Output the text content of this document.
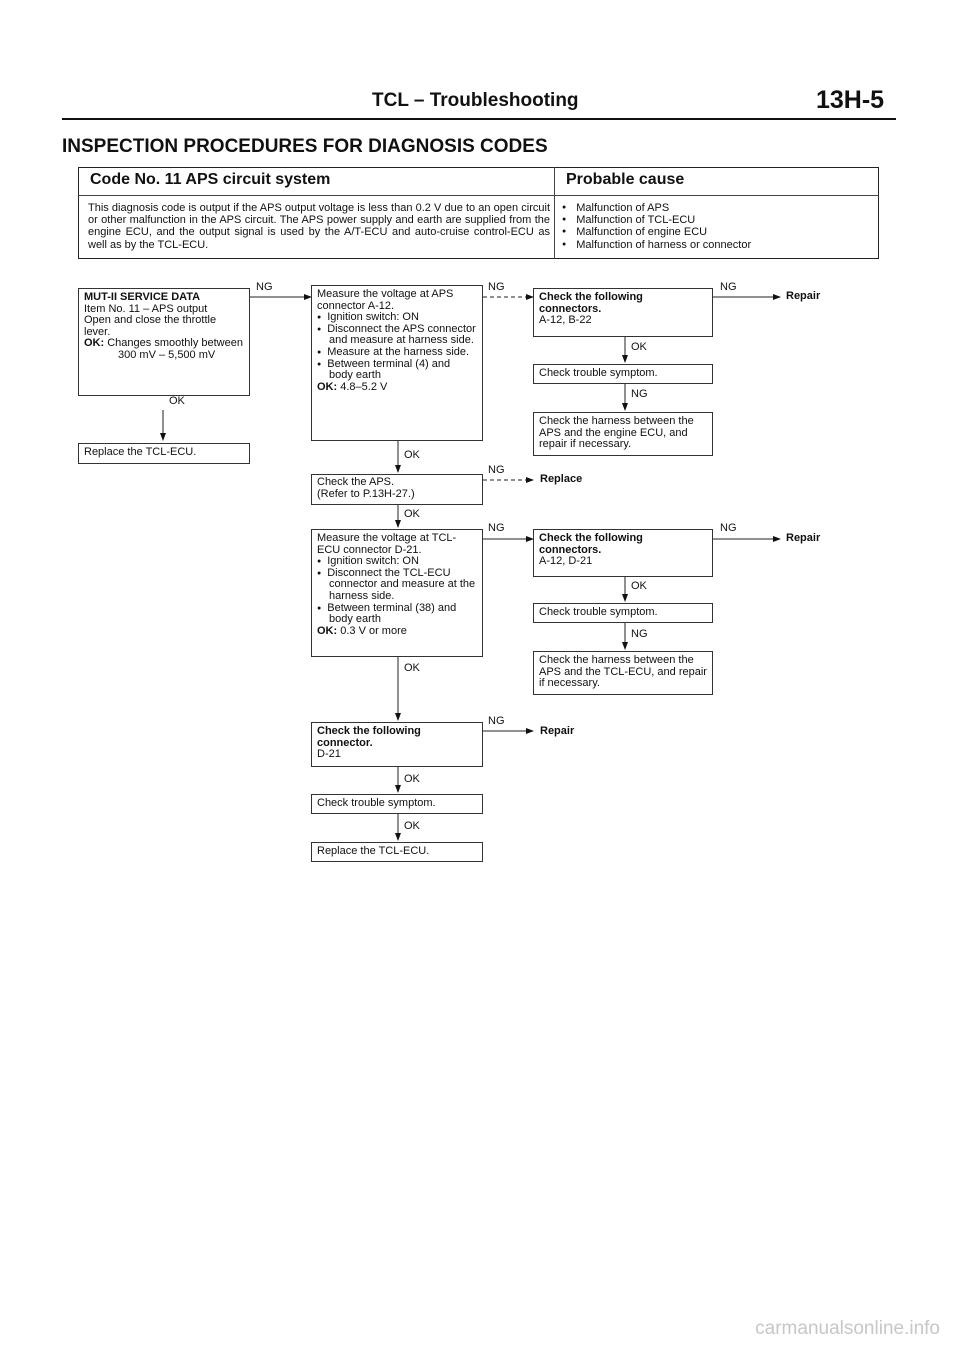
TCL – Troubleshooting	13H-5
INSPECTION PROCEDURES FOR DIAGNOSIS CODES
Code No. 11 APS circuit system	Probable cause
This diagnosis code is output if the APS output voltage is less than 0.2 V due to an open circuit or other malfunction in the APS circuit. The APS power supply and earth are supplied from the engine ECU, and the output signal is used by the A/T-ECU and auto-cruise control-ECU as well as by the TCL-ECU.
● Malfunction of APS
● Malfunction of TCL-ECU
● Malfunction of engine ECU
● Malfunction of harness or connector

MUT-II SERVICE DATA

Item No. 11 – APS output

Open and close the throttle lever.

OK: Changes smoothly between 300 mV – 5,500 mV

Replace the TCL-ECU.

Measure the voltage at APS connector A-12.

● Ignition switch: ON
● Disconnect the APS connector and measure at harness side.
● Measure at the harness side.
● Between terminal (4) and body earth

OK: 4.8–5.2 V

Check the following connectors.

A-12, B-22

Check trouble symptom.
Check the harness between the APS and the engine ECU, and repair if necessary.

Check the APS.

(Refer to P.13H-27.)

Measure the voltage at TCL-ECU connector D-21.

● Ignition switch: ON
● Disconnect the TCL-ECU connector and measure at the harness side.
● Between terminal (38) and body earth

OK: 0.3 V or more

Check the following connectors.

A-12, D-21

Check trouble symptom.
Check the harness between the APS and the TCL-ECU, and repair if necessary.

Check the following connector.

D-21

Check trouble symptom.
Replace the TCL-ECU.
Repair
Replace
Repair
Repair
NG	NG	NG
OK
OK
NG
OK
NG
OK
NG	NG
OK
NG
OK
NG
OK
OK
carmanualsonline.info
